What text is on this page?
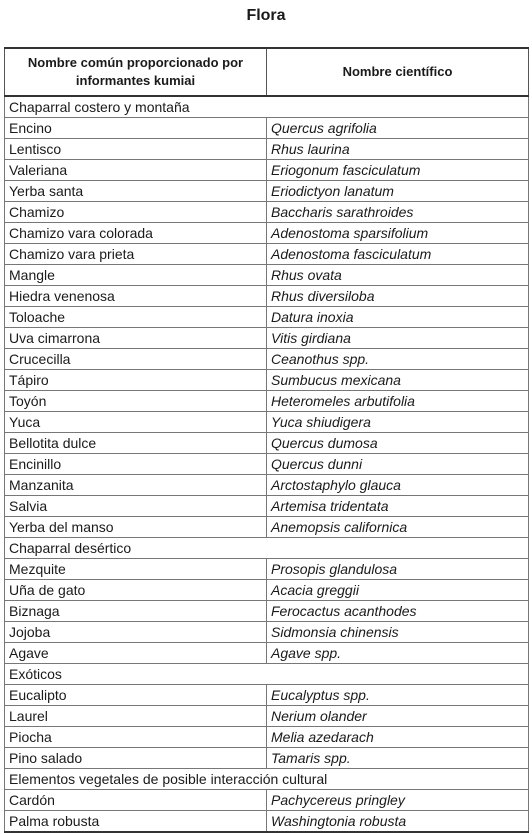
Flora
Nombre común proporcionado por informantes kumiai	Nombre científico
Chaparral costero y montaña	
Encino	Quercus agrifolia
Lentisco	Rhus laurina
Valeriana	Eriogonum fasciculatum
Yerba santa	Eriodictyon lanatum
Chamizo	Baccharis sarathroides
Chamizo vara colorada	Adenostoma sparsifolium
Chamizo vara prieta	Adenostoma fasciculatum
Mangle	Rhus ovata
Hiedra venenosa	Rhus diversiloba
Toloache	Datura inoxia
Uva cimarrona	Vitis girdiana
Crucecilla	Ceanothus spp.
Tápiro	Sumbucus mexicana
Toyón	Heteromeles arbutifolia
Yuca	Yuca shiudigera
Bellotita dulce	Quercus dumosa
Encinillo	Quercus dunni
Manzanita	Arctostaphylo glauca
Salvia	Artemisa tridentata
Yerba del manso	Anemopsis californica
Chaparral desértico	
Mezquite	Prosopis glandulosa
Uña de gato	Acacia greggii
Biznaga	Ferocactus acanthodes
Jojoba	Sidmonsia chinensis
Agave	Agave spp.
Exóticos	
Eucalipto	Eucalyptus spp.
Laurel	Nerium olander
Piocha	Melia azedarach
Pino salado	Tamaris spp.
Elementos vegetales de posible interacción cultural	
Cardón	Pachycereus pringley
Palma robusta	Washingtonia robusta
